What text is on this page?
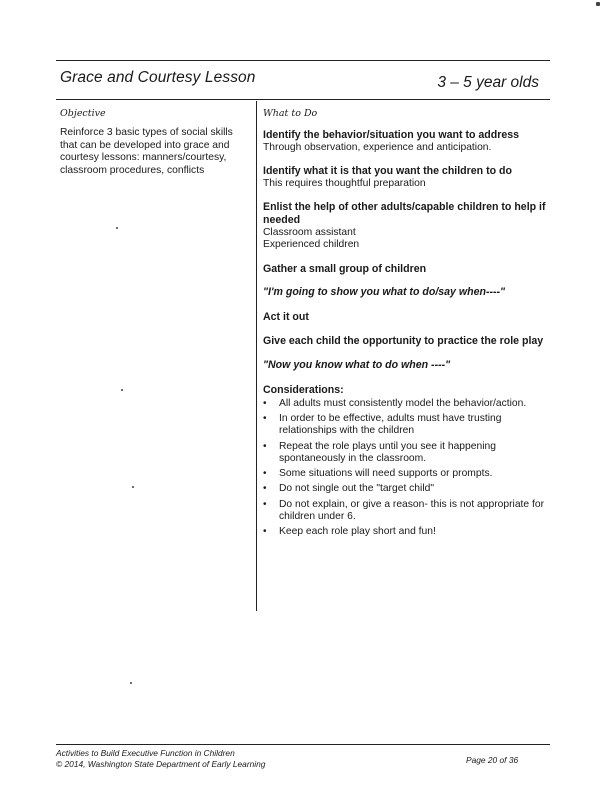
Grace and Courtesy Lesson	3 – 5 year olds
Objective

Reinforce 3 basic types of social skills that can be developed into grace and courtesy lessons: manners/courtesy, classroom procedures, conflicts

What to Do
Identify the behavior/situation you want to address
Through observation, experience and anticipation.
Identify what it is that you want the children to do
This requires thoughtful preparation
Enlist the help of other adults/capable children to help if needed
Classroom assistant
Experienced children
Gather a small group of children
"I'm going to show you what to do/say when----"
Act it out
Give each child the opportunity to practice the role play
"Now you know what to do when ----"
Considerations:
• All adults must consistently model the behavior/action.
• In order to be effective, adults must have trusting relationships with the children
• Repeat the role plays until you see it happening spontaneously in the classroom.
• Some situations will need supports or prompts.
• Do not single out the "target child"
• Do not explain, or give a reason- this is not appropriate for children under 6.
• Keep each role play short and fun!
Activities to Build Executive Function in Children
© 2014, Washington State Department of Early Learning	Page 20 of 36
